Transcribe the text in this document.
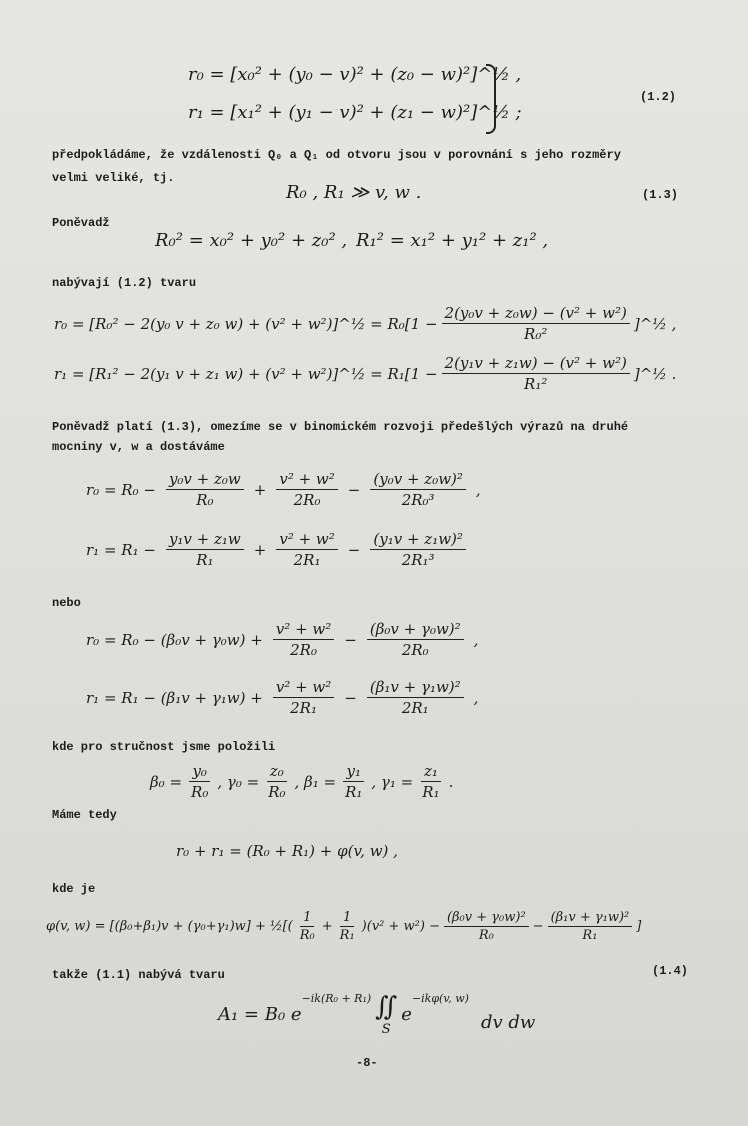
r₀ = [x₀² + (y₀ − v)² + (z₀ − w)²]^½ ,
r₁ = [x₁² + (y₁ − v)² + (z₁ − w)²]^½ ;
(1.2)
předpokládáme, že vzdálenosti Q₀ a Q₁ od otvoru jsou v porovnání s jeho rozměry
velmi veliké, tj.
R₀ , R₁ ≫ v, w .	(1.3)
Poněvadž
R₀² = x₀² + y₀² + z₀² , R₁² = x₁² + y₁² + z₁² ,
nabývají (1.2) tvaru
r₀ = [R₀² − 2(y₀ v + z₀ w) + (v² + w²)]^½ = $R_0[1 - \frac{\text{2(y₀v + z₀w) − (v² + w²)}}{\text{R₀²}}$ ]^½ ,
r₁ = [R₁² − 2(y₁ v + z₁ w) + (v² + w²)]^½ = $R_1[1 - \frac{\text{2(y₁v + z₁w) − (v² + w²)}}{\text{R₁²}}$ ]^½ .
Poněvadž platí (1.3), omezíme se v binomickém rozvoji předešlých výrazů na druhé
mocniny v, w a dostáváme
$r_0 = R_0 - \frac{\text{y₀v + z₀w}}{\text{R₀}} + \frac{\text{v² + w²}}{\text{2R₀}} - \frac{\text{(y₀v + z₀w)²}}{\text{2R₀³}}$ ,
$r_1 = R_1 - \frac{\text{y₁v + z₁w}}{\text{R₁}} + \frac{\text{v² + w²}}{\text{2R₁}} - \frac{\text{(y₁v + z₁w)²}}{\text{2R₁³}}$
nebo
$r_0 = R_0 - (\beta_0v + \gamma_0w) + \frac{\text{v² + w²}}{\text{2R₀}} - \frac{\text{(β₀v + γ₀w)²}}{\text{2R₀}}$ ,
$r_1 = R_1 - (\beta_1v + \gamma_1w) + \frac{\text{v² + w²}}{\text{2R₁}} - \frac{\text{(β₁v + γ₁w)²}}{\text{2R₁}}$ ,
kde pro stručnost jsme položili
$\beta_0 = \frac{\text{y₀}}{\text{R₀}}$ , $\gamma_0 = \frac{\text{z₀}}{\text{R₀}}$ , $\beta_1 = \frac{\text{y₁}}{\text{R₁}}$ , $\gamma_1 = \frac{\text{z₁}}{\text{R₁}}$ .
Máme tedy
r₀ + r₁ = (R₀ + R₁) + φ(v, w) ,
kde je
φ(v, w) = [(β₀+β₁)v + (γ₀+γ₁)w] + ½[( $\frac{1}{\text{R₀}} + \frac{1}{\text{R₁}} )(v^2 + w^2) - \frac{\text{(β₀v + γ₀w)²}}{\text{R₀}} - \frac{\text{(β₁v + γ₁w)²}}{\text{R₁}}$ ]
(1.4)
takže (1.1) nabývá tvaru
A₁ = B₀ e
$^{-ik(R_0 + R_1)}$ ∬
S
e
$^{-ik\varphi(v, w)}$
dv dw
-8-
